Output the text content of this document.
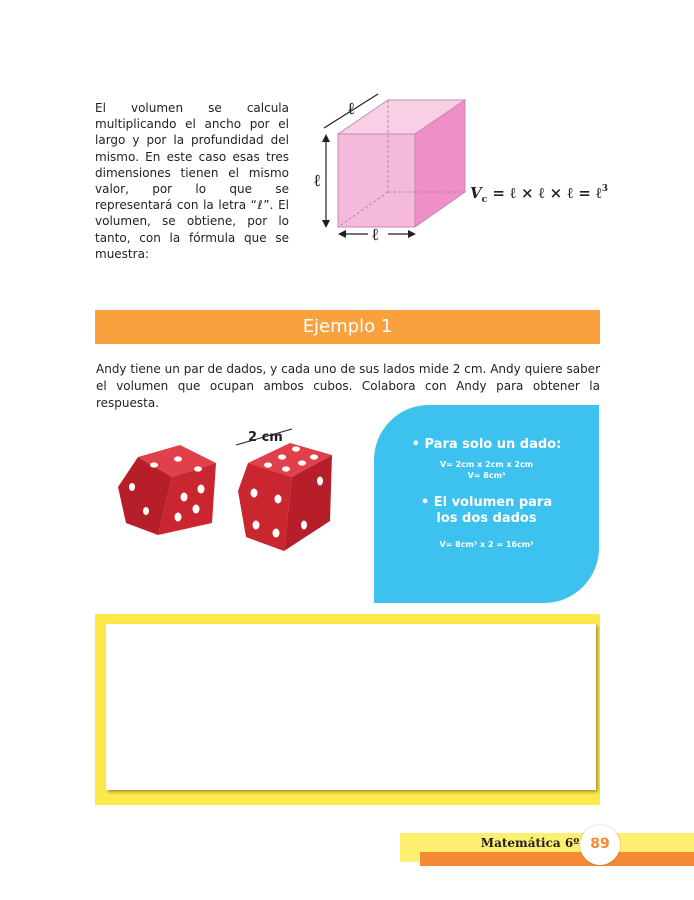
El volumen se calcula multiplicando el ancho por el largo y por la profundidad del mismo. En este caso esas tres dimensiones tienen el mismo valor, por lo que se representará con la letra “ℓ”. El volumen, se obtiene, por lo tanto, con la fórmula que se muestra:

ℓ
ℓ
ℓ
$V_c$ = ℓ × ℓ × ℓ = ℓ$^3$
Ejemplo 1

Andy tiene un par de dados, y cada uno de sus lados mide 2 cm. Andy quiere saber el volumen que ocupan ambos cubos. Colabora con Andy para obtener la respuesta.

2 cm	• Para solo un dado:
V= 2cm x 2cm x 2cm
V= 8cm³
• El volumen para
los dos dados
V= 8cm³ x 2 = 16cm³
Matemática 6º 89
